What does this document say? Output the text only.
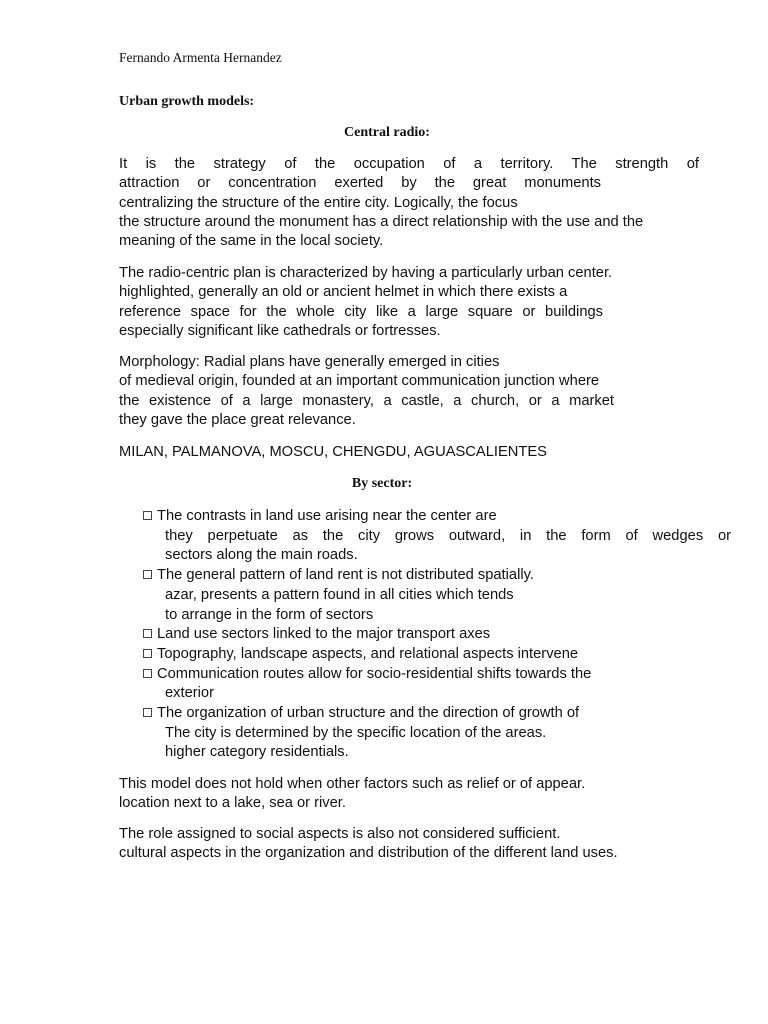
Fernando Armenta Hernandez
Urban growth models:
Central radio:

It is the strategy of the occupation of a territory. The strength of
attraction or concentration exerted by the great monuments
centralizing the structure of the entire city. Logically, the focus
the structure around the monument has a direct relationship with the use and the
meaning of the same in the local society.

The radio-centric plan is characterized by having a particularly urban center.
highlighted, generally an old or ancient helmet in which there exists a
reference space for the whole city like a large square or buildings
especially significant like cathedrals or fortresses.

Morphology: Radial plans have generally emerged in cities
of medieval origin, founded at an important communication junction where
the existence of a large monastery, a castle, a church, or a market
they gave the place great relevance.

MILAN, PALMANOVA, MOSCU, CHENGDU, AGUASCALIENTES

By sector:
The contrasts in land use arising near the center are
they perpetuate as the city grows outward, in the form of wedges or
sectors along the main roads.
The general pattern of land rent is not distributed spatially.
azar, presents a pattern found in all cities which tends
to arrange in the form of sectors
Land use sectors linked to the major transport axes
Topography, landscape aspects, and relational aspects intervene
Communication routes allow for socio-residential shifts towards the
exterior
The organization of urban structure and the direction of growth of
The city is determined by the specific location of the areas.
higher category residentials.

This model does not hold when other factors such as relief or of appear.
location next to a lake, sea or river.

The role assigned to social aspects is also not considered sufficient.
cultural aspects in the organization and distribution of the different land uses.
